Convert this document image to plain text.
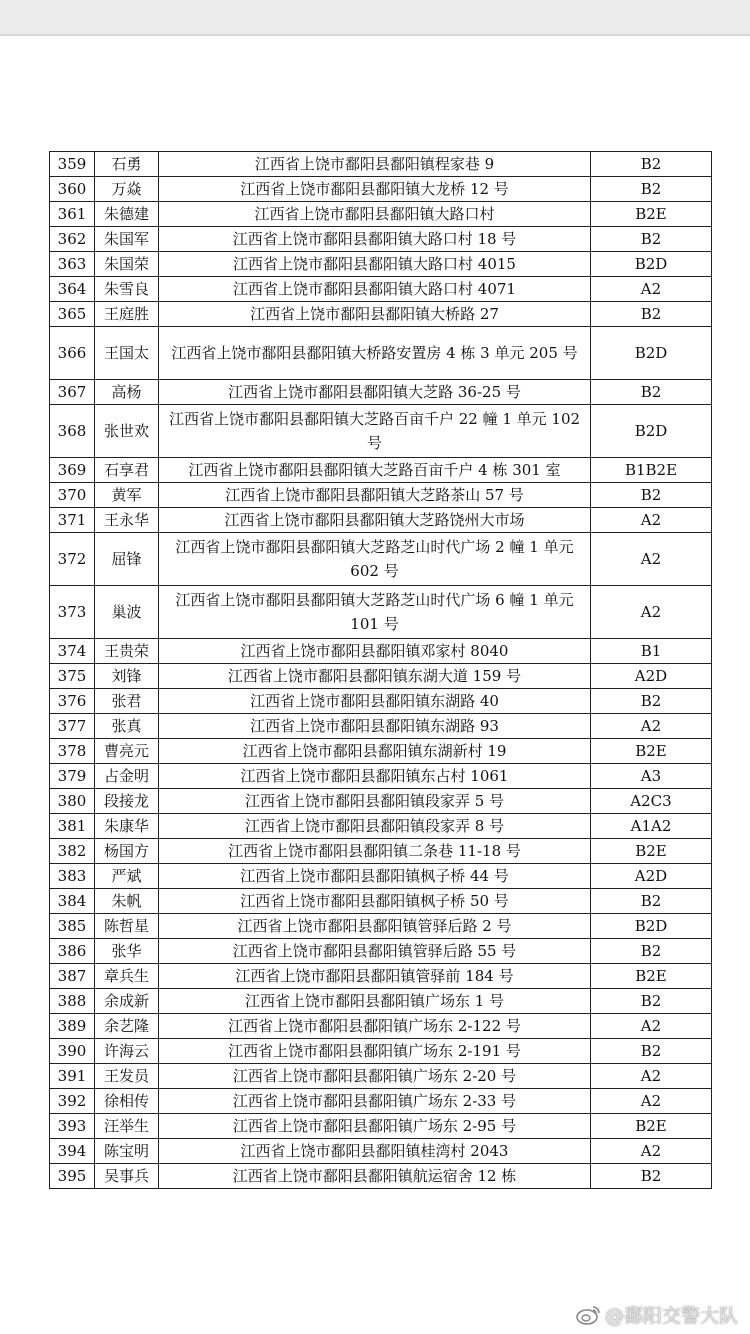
359	石勇	江西省上饶市鄱阳县鄱阳镇程家巷 9	B2
360	万焱	江西省上饶市鄱阳县鄱阳镇大龙桥 12 号	B2
361	朱德建	江西省上饶市鄱阳县鄱阳镇大路口村	B2E
362	朱国军	江西省上饶市鄱阳县鄱阳镇大路口村 18 号	B2
363	朱国荣	江西省上饶市鄱阳县鄱阳镇大路口村 4015	B2D
364	朱雪良	江西省上饶市鄱阳县鄱阳镇大路口村 4071	A2
365	王庭胜	江西省上饶市鄱阳县鄱阳镇大桥路 27	B2
366	王国太	江西省上饶市鄱阳县鄱阳镇大桥路安置房 4 栋 3 单元 205 号	B2D
367	高杨	江西省上饶市鄱阳县鄱阳镇大芝路 36-25 号	B2
368	张世欢	江西省上饶市鄱阳县鄱阳镇大芝路百亩千户 22 幢 1 单元 102 号	B2D
369	石享君	江西省上饶市鄱阳县鄱阳镇大芝路百亩千户 4 栋 301 室	B1B2E
370	黄军	江西省上饶市鄱阳县鄱阳镇大芝路茶山 57 号	B2
371	王永华	江西省上饶市鄱阳县鄱阳镇大芝路饶州大市场	A2
372	屈锋	江西省上饶市鄱阳县鄱阳镇大芝路芝山时代广场 2 幢 1 单元 602 号	A2
373	巢波	江西省上饶市鄱阳县鄱阳镇大芝路芝山时代广场 6 幢 1 单元 101 号	A2
374	王贵荣	江西省上饶市鄱阳县鄱阳镇邓家村 8040	B1
375	刘锋	江西省上饶市鄱阳县鄱阳镇东湖大道 159 号	A2D
376	张君	江西省上饶市鄱阳县鄱阳镇东湖路 40	B2
377	张真	江西省上饶市鄱阳县鄱阳镇东湖路 93	A2
378	曹亮元	江西省上饶市鄱阳县鄱阳镇东湖新村 19	B2E
379	占金明	江西省上饶市鄱阳县鄱阳镇东占村 1061	A3
380	段接龙	江西省上饶市鄱阳县鄱阳镇段家弄 5 号	A2C3
381	朱康华	江西省上饶市鄱阳县鄱阳镇段家弄 8 号	A1A2
382	杨国方	江西省上饶市鄱阳县鄱阳镇二条巷 11-18 号	B2E
383	严斌	江西省上饶市鄱阳县鄱阳镇枫子桥 44 号	A2D
384	朱帆	江西省上饶市鄱阳县鄱阳镇枫子桥 50 号	B2
385	陈哲星	江西省上饶市鄱阳县鄱阳镇管驿后路 2 号	B2D
386	张华	江西省上饶市鄱阳县鄱阳镇管驿后路 55 号	B2
387	章兵生	江西省上饶市鄱阳县鄱阳镇管驿前 184 号	B2E
388	余成新	江西省上饶市鄱阳县鄱阳镇广场东 1 号	B2
389	余艺隆	江西省上饶市鄱阳县鄱阳镇广场东 2-122 号	A2
390	许海云	江西省上饶市鄱阳县鄱阳镇广场东 2-191 号	B2
391	王发员	江西省上饶市鄱阳县鄱阳镇广场东 2-20 号	A2
392	徐相传	江西省上饶市鄱阳县鄱阳镇广场东 2-33 号	A2
393	汪举生	江西省上饶市鄱阳县鄱阳镇广场东 2-95 号	B2E
394	陈宝明	江西省上饶市鄱阳县鄱阳镇桂湾村 2043	A2
395	吴事兵	江西省上饶市鄱阳县鄱阳镇航运宿舍 12 栋	B2
@鄱阳交警大队
